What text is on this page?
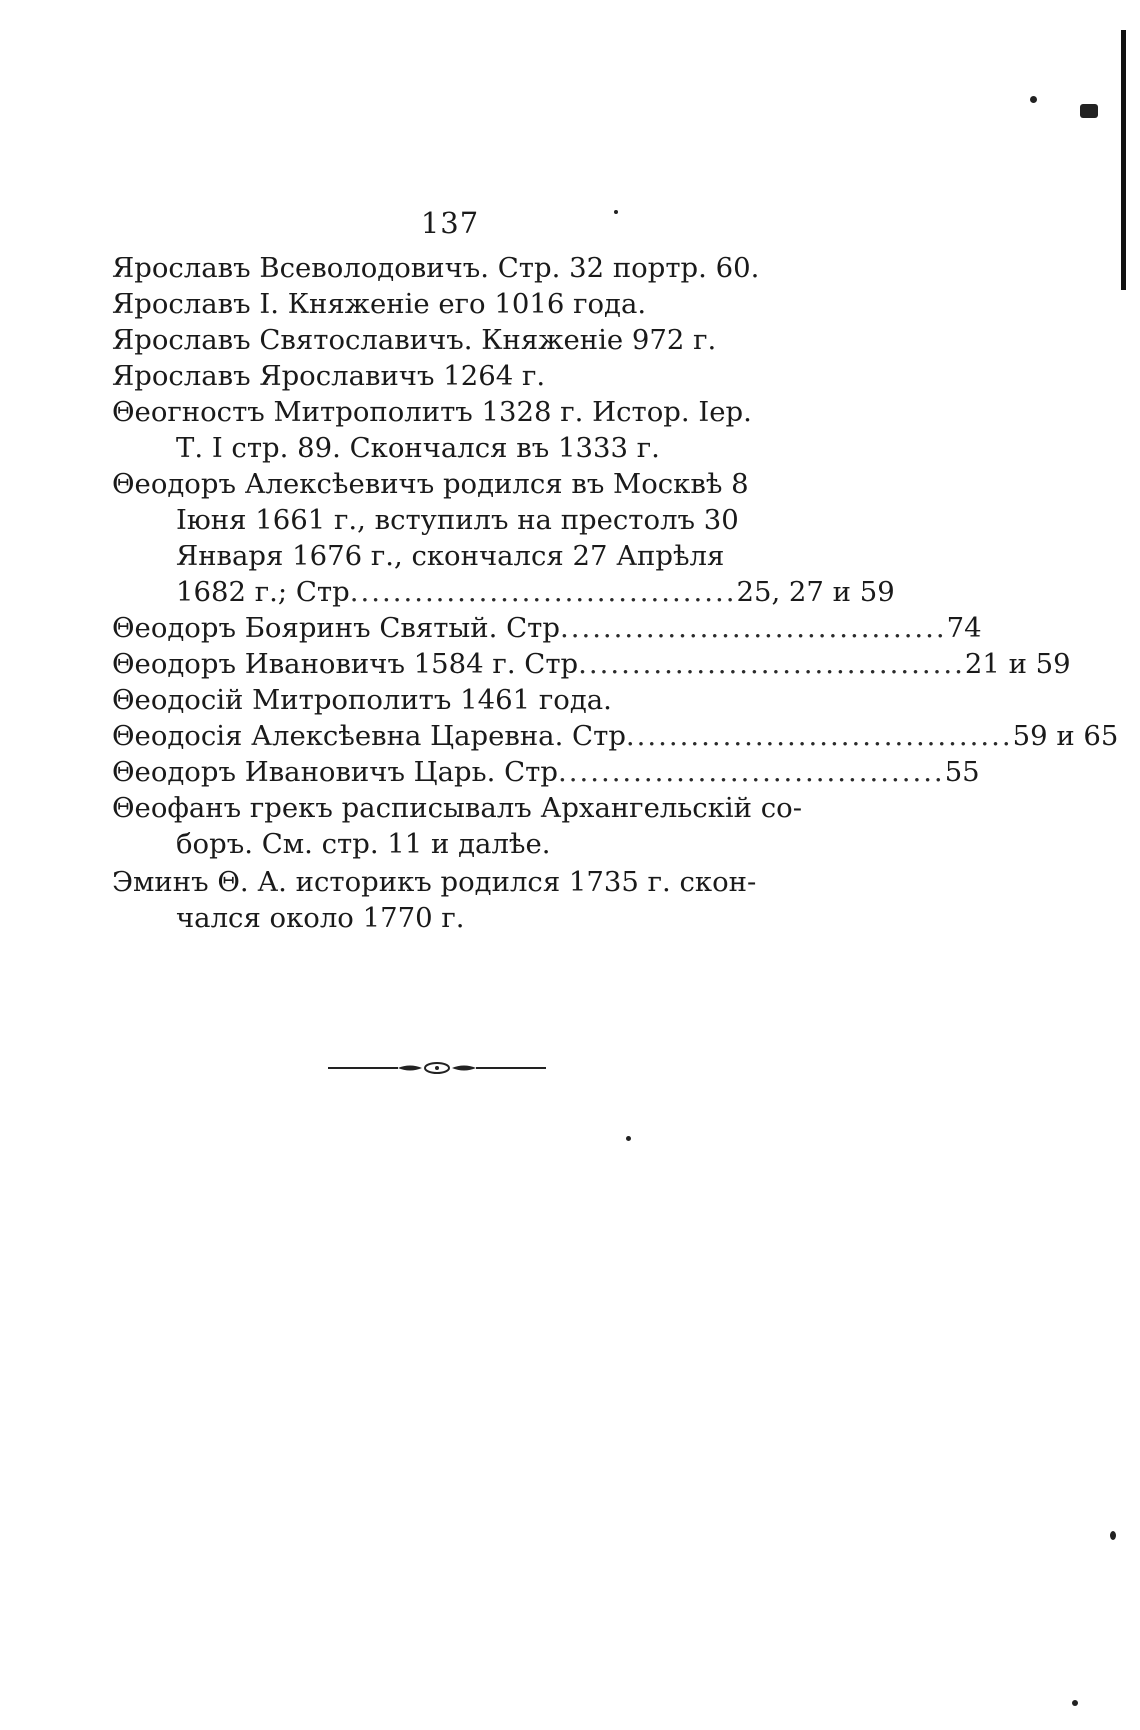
137
Ярославъ Всеволодовичъ. Стр. 32 портр. 60.
Ярославъ I. Княженіе его 1016 года.
Ярославъ Святославичъ. Княженіе 972 г.
Ярославъ Ярославичъ 1264 г.
Θеогностъ Митрополитъ 1328 г. Истор. Іер.
Т. I стр. 89. Скончался въ 1333 г.
Θеодоръ Алексѣевичъ родился въ Москвѣ 8
Іюня 1661 г., вступилъ на престолъ 30
Января 1676 г., скончался 27 Апрѣля
1682 г.; Стр .................................... 25, 27 и 59
Θеодоръ Бояринъ Святый. Стр .................................... 74
Θеодоръ Ивановичъ 1584 г. Стр .................................... 21 и 59
Θеодосій Митрополитъ 1461 года.
Θеодосія Алексѣевна Царевна. Стр .................................... 59 и 65
Θеодоръ Ивановичъ Царь. Стр .................................... 55
Θеофанъ грекъ расписывалъ Архангельскій со-
боръ. См. стр. 11 и далѣе.
Эминъ Θ. А. историкъ родился 1735 г. скон-
чался около 1770 г.
